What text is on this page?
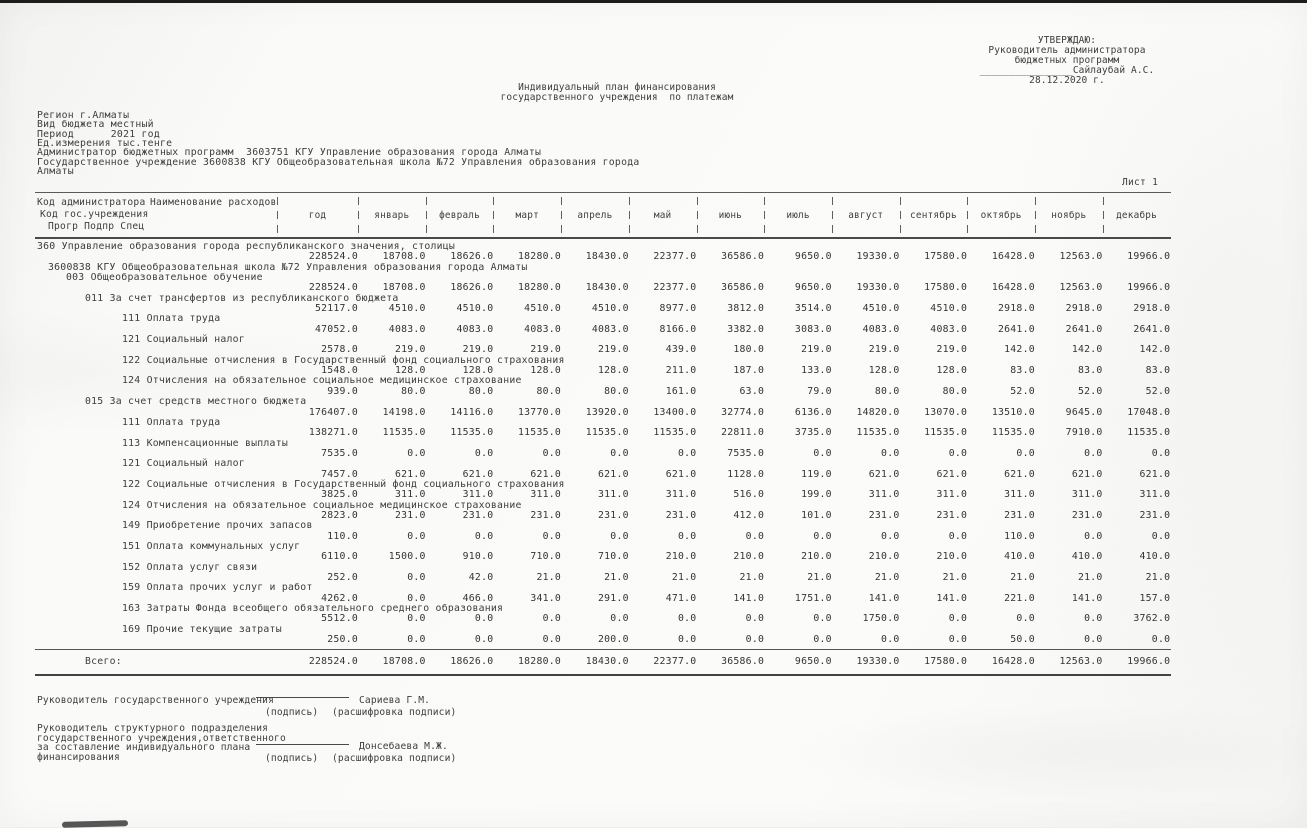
УТВЕРЖДАЮ:
Руководитель администратора
бюджетных программ
________________Сайлаубай А.С.
28.12.2020 г.
Индивидуальный план финансирования
государственного учреждения  по платежам
Регион г.Алматы
Вид бюджета местный
Период      2021 год
Ед.измерения тыс.тенге
Администратор бюджетных программ  3603751 КГУ Управление образования города Алматы
Государственное учреждение 3600838 КГУ Общеобразовательная школа №72 Управления образования города
Алматы
Лист 1
Код администратора
Код гос.учреждения
Прогр Подпр Спец
Наименование расходов
год	январь	февраль	март	апрель	май	июнь	июль	август	сентябрь	октябрь	ноябрь	декабрь
360 Управление образования города республиканского значения, столицы
228524.0	18708.0	18626.0	18280.0	18430.0	22377.0	36586.0	9650.0	19330.0	17580.0	16428.0	12563.0	19966.0
3600838 КГУ Общеобразовательная школа №72 Управления образования города Алматы
003 Общеобразовательное обучение
228524.0	18708.0	18626.0	18280.0	18430.0	22377.0	36586.0	9650.0	19330.0	17580.0	16428.0	12563.0	19966.0
011 За счет трансфертов из республиканского бюджета
52117.0	4510.0	4510.0	4510.0	4510.0	8977.0	3812.0	3514.0	4510.0	4510.0	2918.0	2918.0	2918.0
111 Оплата труда
47052.0	4083.0	4083.0	4083.0	4083.0	8166.0	3382.0	3083.0	4083.0	4083.0	2641.0	2641.0	2641.0
121 Социальный налог
2578.0	219.0	219.0	219.0	219.0	439.0	180.0	219.0	219.0	219.0	142.0	142.0	142.0
122 Социальные отчисления в Государственный фонд социального страхования
1548.0	128.0	128.0	128.0	128.0	211.0	187.0	133.0	128.0	128.0	83.0	83.0	83.0
124 Отчисления на обязательное социальное медицинское страхование
939.0	80.0	80.0	80.0	80.0	161.0	63.0	79.0	80.0	80.0	52.0	52.0	52.0
015 За счет средств местного бюджета
176407.0	14198.0	14116.0	13770.0	13920.0	13400.0	32774.0	6136.0	14820.0	13070.0	13510.0	9645.0	17048.0
111 Оплата труда
138271.0	11535.0	11535.0	11535.0	11535.0	11535.0	22811.0	3735.0	11535.0	11535.0	11535.0	7910.0	11535.0
113 Компенсационные выплаты
7535.0	0.0	0.0	0.0	0.0	0.0	7535.0	0.0	0.0	0.0	0.0	0.0	0.0
121 Социальный налог
7457.0	621.0	621.0	621.0	621.0	621.0	1128.0	119.0	621.0	621.0	621.0	621.0	621.0
122 Социальные отчисления в Государственный фонд социального страхования
3825.0	311.0	311.0	311.0	311.0	311.0	516.0	199.0	311.0	311.0	311.0	311.0	311.0
124 Отчисления на обязательное социальное медицинское страхование
2823.0	231.0	231.0	231.0	231.0	231.0	412.0	101.0	231.0	231.0	231.0	231.0	231.0
149 Приобретение прочих запасов
110.0	0.0	0.0	0.0	0.0	0.0	0.0	0.0	0.0	0.0	110.0	0.0	0.0
151 Оплата коммунальных услуг
6110.0	1500.0	910.0	710.0	710.0	210.0	210.0	210.0	210.0	210.0	410.0	410.0	410.0
152 Оплата услуг связи
252.0	0.0	42.0	21.0	21.0	21.0	21.0	21.0	21.0	21.0	21.0	21.0	21.0
159 Оплата прочих услуг и работ
4262.0	0.0	466.0	341.0	291.0	471.0	141.0	1751.0	141.0	141.0	221.0	141.0	157.0
163 Затраты Фонда всеобщего обязательного среднего образования
5512.0	0.0	0.0	0.0	0.0	0.0	0.0	0.0	1750.0	0.0	0.0	0.0	3762.0
169 Прочие текущие затраты
250.0	0.0	0.0	0.0	200.0	0.0	0.0	0.0	0.0	0.0	50.0	0.0	0.0
Всего:	228524.0	18708.0	18626.0	18280.0	18430.0	22377.0	36586.0	9650.0	19330.0	17580.0	16428.0	12563.0	19966.0
Руководитель государственного учреждения	Сариева Г.М.
(подпись) (расшифровка подписи)
Руководитель структурного подразделения
государственного учреждения,ответственного
за составление индивидуального плана
финансирования
Донсебаева М.Ж.
(подпись) (расшифровка подписи)
